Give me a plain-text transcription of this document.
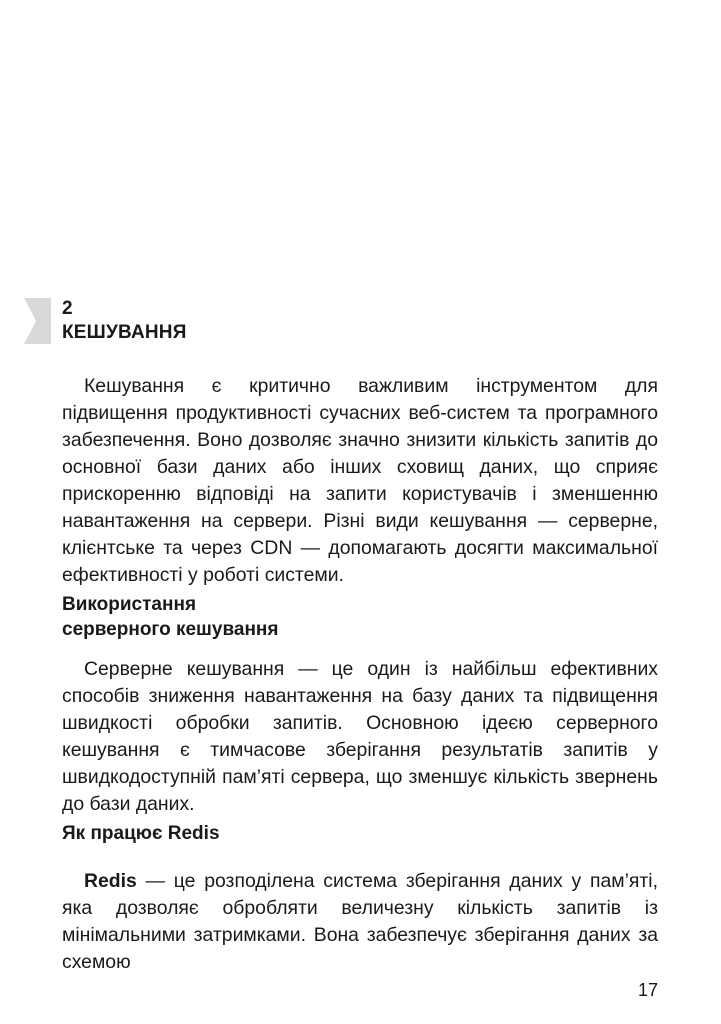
2
КЕШУВАННЯ

Кешування є критично важливим інструментом для підвищення продуктивності сучасних веб-систем та програмного забезпечення. Воно дозволяє значно знизити кількість запитів до основної бази даних або інших сховищ даних, що сприяє прискоренню відповіді на запити користувачів і зменшенню навантаження на сервери. Різні види кешування — серверне, клієнтське та через CDN — допомагають досягти максимальної ефективності у роботі системи.

Використання
серверного кешування

Серверне кешування — це один із найбільш ефективних способів зниження навантаження на базу даних та підвищення швидкості обробки запитів. Основною ідеєю серверного кешування є тимчасове зберігання результатів запитів у швидкодоступній пам’яті сервера, що зменшує кількість звернень до бази даних.

Як працює Redis

Redis — це розподілена система зберігання даних у пам’яті, яка дозволяє обробляти величезну кількість запитів із мінімальними затримками. Вона забезпечує зберігання даних за схемою

17
